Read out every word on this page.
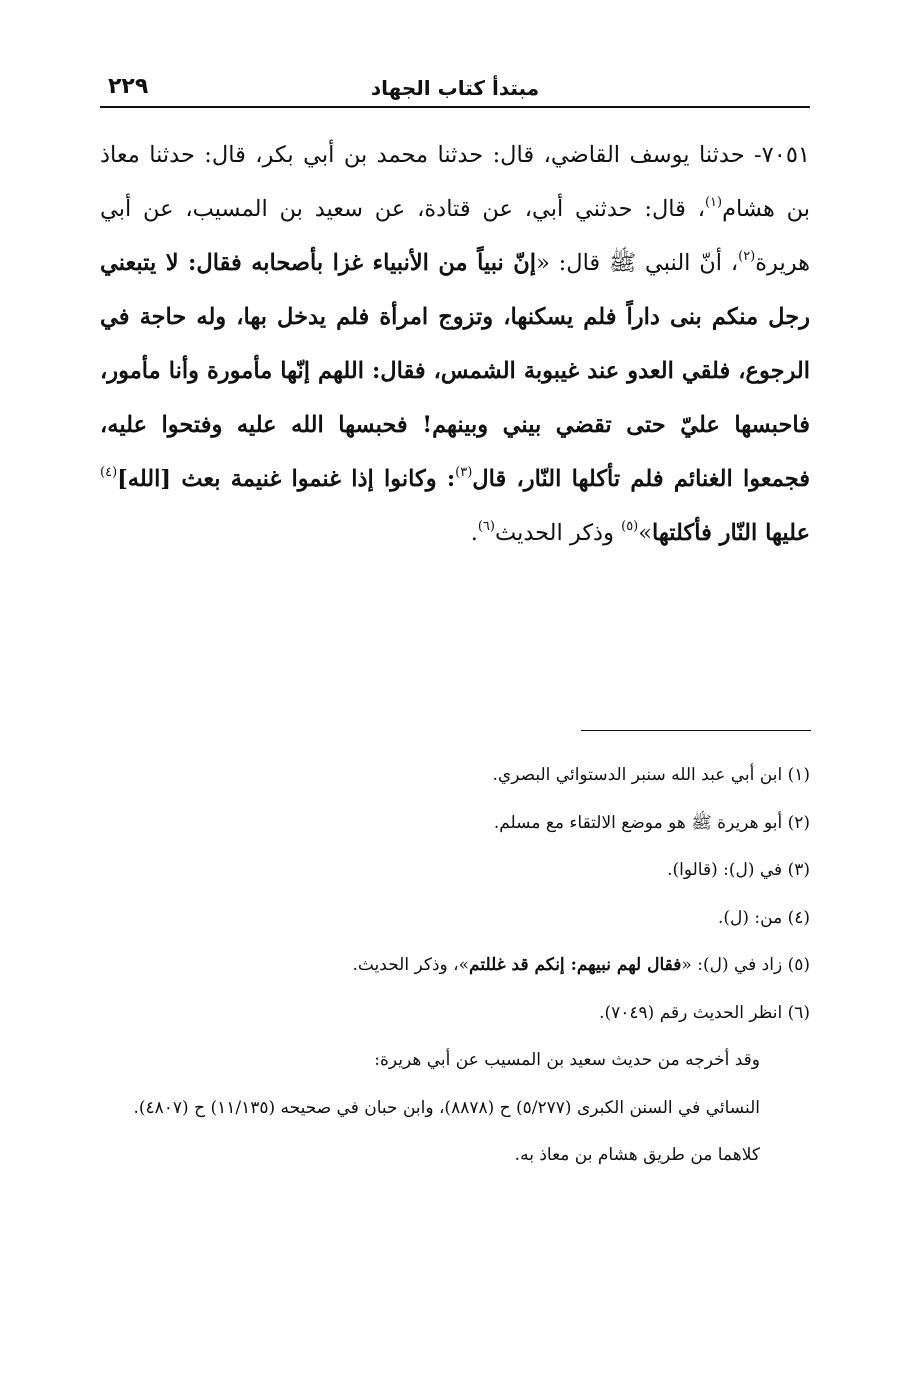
مبتدأ كتاب الجهاد
٢٢٩
٧٠٥١- حدثنا يوسف القاضي، قال: حدثنا محمد بن أبي بكر، قال: حدثنا معاذ بن هشام$^{(١)}$، قال: حدثني أبي، عن قتادة، عن سعيد بن المسيب، عن أبي هريرة$^{(٢)}$، أنّ النبي ﷺ قال: «إنّ نبياً من الأنبياء غزا بأصحابه فقال: لا يتبعني رجل منكم بنى داراً فلم يسكنها، وتزوج امرأة فلم يدخل بها، وله حاجة في الرجوع، فلقي العدو عند غيبوبة الشمس، فقال: اللهم إنّها مأمورة وأنا مأمور، فاحبسها عليّ حتى تقضي بيني وبينهم! فحبسها الله عليه وفتحوا عليه، فجمعوا الغنائم فلم تأكلها النّار، قال$^{(٣)}$: وكانوا إذا غنموا غنيمة بعث [الله]$^{(٤)}$ عليها النّار فأكلتها»$^{(٥)}$ وذكر الحديث$^{(٦)}$.

(١) ابن أبي عبد الله سنبر الدستوائي البصري.

(٢) أبو هريرة ﷺ هو موضع الالتقاء مع مسلم.

(٣) في (ل): (قالوا).

(٤) من: (ل).

(٥) زاد في (ل): «فقال لهم نبيهم: إنكم قد غللتم»، وذكر الحديث.

(٦) انظر الحديث رقم (٧٠٤٩).

وقد أخرجه من حديث سعيد بن المسيب عن أبي هريرة:

النسائي في السنن الكبرى (٥/٢٧٧) ح (٨٨٧٨)، وابن حبان في صحيحه (١١/١٣٥) ح (٤٨٠٧).

كلاهما من طريق هشام بن معاذ به.
